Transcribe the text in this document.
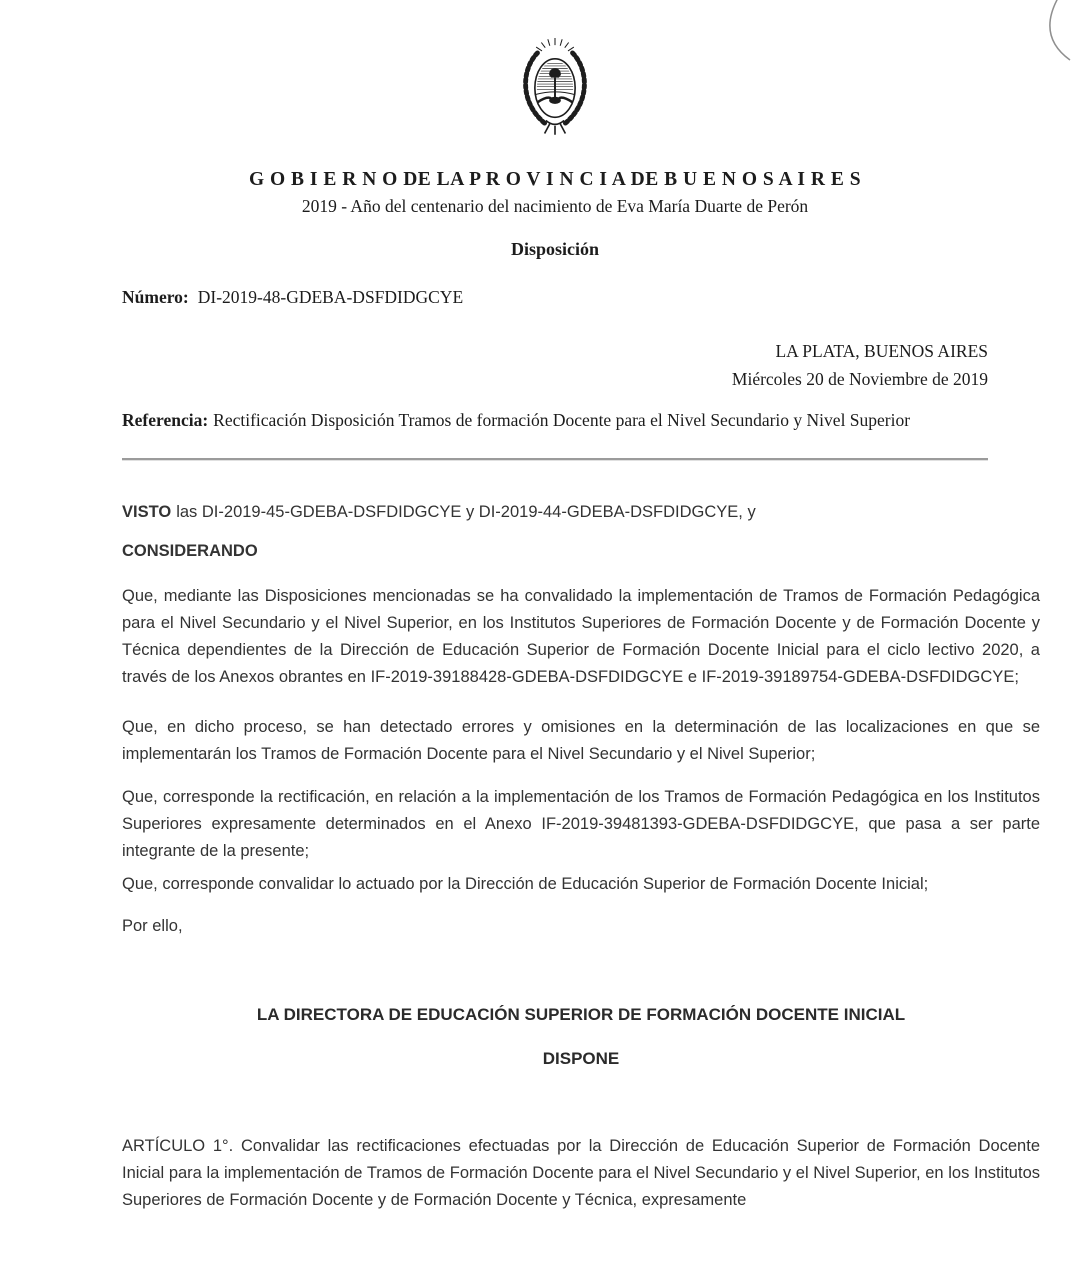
G O B I E R N O DE LA P R O V I N C I A DE B U E N O S A I R E S
2019 - Año del centenario del nacimiento de Eva María Duarte de Perón
Disposición
Número: DI-2019-48-GDEBA-DSFDIDGCYE
LA PLATA, BUENOS AIRES
Miércoles 20 de Noviembre de 2019
Referencia: Rectificación Disposición Tramos de formación Docente para el Nivel Secundario y Nivel Superior
VISTO las DI-2019-45-GDEBA-DSFDIDGCYE y DI-2019-44-GDEBA-DSFDIDGCYE, y
CONSIDERANDO
Que, mediante las Disposiciones mencionadas se ha convalidado la implementación de Tramos de Formación Pedagógica para el Nivel Secundario y el Nivel Superior, en los Institutos Superiores de Formación Docente y de Formación Docente y Técnica dependientes de la Dirección de Educación Superior de Formación Docente Inicial para el ciclo lectivo 2020, a través de los Anexos obrantes en IF-2019-39188428-GDEBA-DSFDIDGCYE e IF-2019-39189754-GDEBA-DSFDIDGCYE;
Que, en dicho proceso, se han detectado errores y omisiones en la determinación de las localizaciones en que se implementarán los Tramos de Formación Docente para el Nivel Secundario y el Nivel Superior;
Que, corresponde la rectificación, en relación a la implementación de los Tramos de Formación Pedagógica en los Institutos Superiores expresamente determinados en el Anexo IF-2019-39481393-GDEBA-DSFDIDGCYE, que pasa a ser parte integrante de la presente;
Que, corresponde convalidar lo actuado por la Dirección de Educación Superior de Formación Docente Inicial;
Por ello,
LA DIRECTORA DE EDUCACIÓN SUPERIOR DE FORMACIÓN DOCENTE INICIAL
DISPONE
ARTÍCULO 1°. Convalidar las rectificaciones efectuadas por la Dirección de Educación Superior de Formación Docente Inicial para la implementación de Tramos de Formación Docente para el Nivel Secundario y el Nivel Superior, en los Institutos Superiores de Formación Docente y de Formación Docente y Técnica, expresamente
